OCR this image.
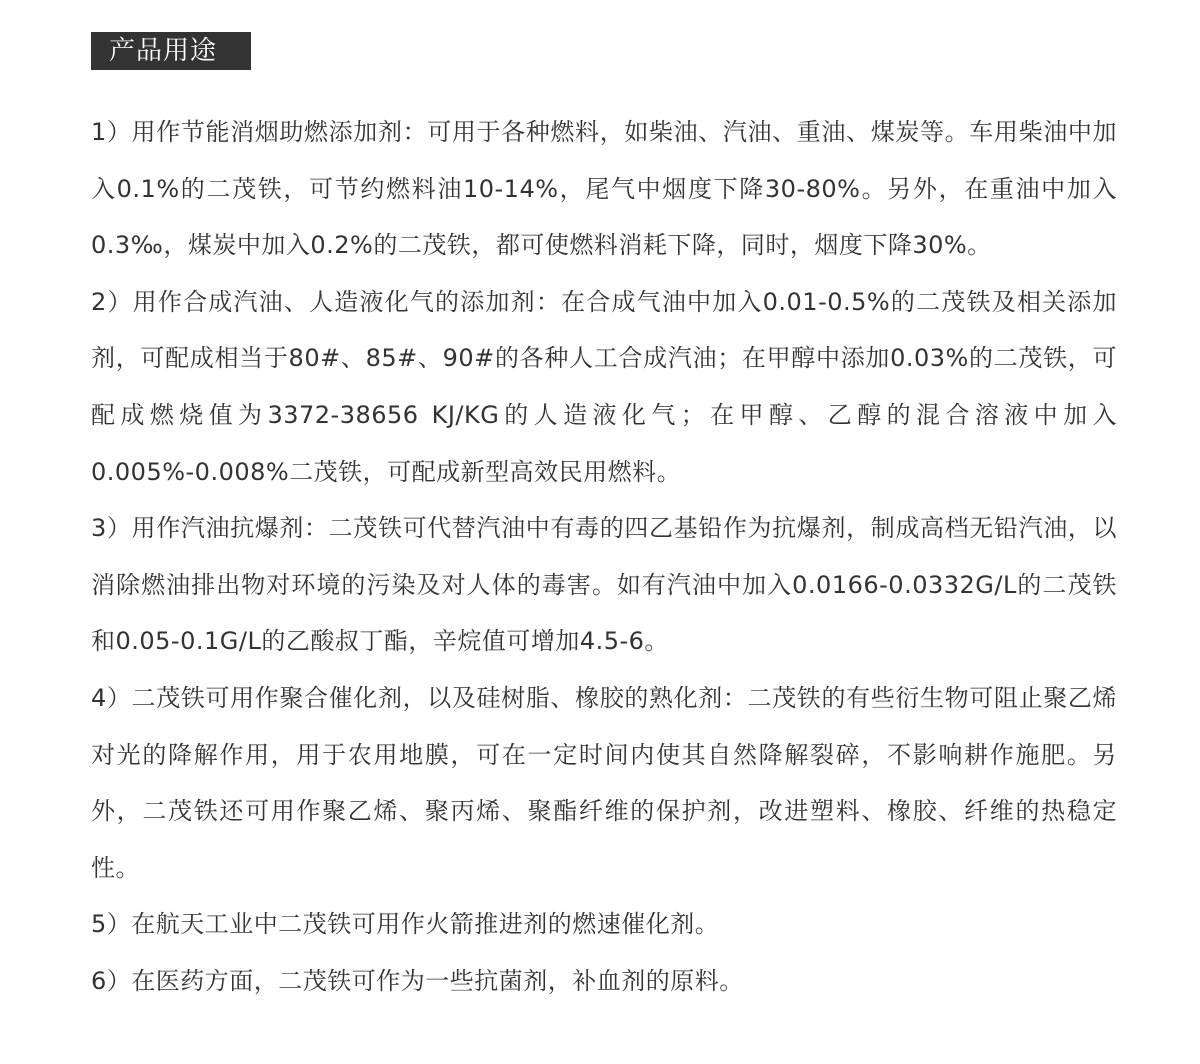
产品用途

1）用作节能消烟助燃添加剂：可用于各种燃料，如柴油、汽油、重油、煤炭等。车用柴油中加入0.1%的二茂铁，可节约燃料油10-14%，尾气中烟度下降30-80%。另外，在重油中加入0.3‰，煤炭中加入0.2%的二茂铁，都可使燃料消耗下降，同时，烟度下降30%。

2）用作合成汽油、人造液化气的添加剂：在合成气油中加入0.01-0.5%的二茂铁及相关添加剂，可配成相当于80#、85#、90#的各种人工合成汽油；在甲醇中添加0.03%的二茂铁，可配成燃烧值为3372-38656 KJ/KG的人造液化气；在甲醇、乙醇的混合溶液中加入0.005%-0.008%二茂铁，可配成新型高效民用燃料。

3）用作汽油抗爆剂：二茂铁可代替汽油中有毒的四乙基铅作为抗爆剂，制成高档无铅汽油，以消除燃油排出物对环境的污染及对人体的毒害。如有汽油中加入0.0166-0.0332G/L的二茂铁和0.05-0.1G/L的乙酸叔丁酯，辛烷值可增加4.5-6。

4）二茂铁可用作聚合催化剂，以及硅树脂、橡胶的熟化剂：二茂铁的有些衍生物可阻止聚乙烯对光的降解作用，用于农用地膜，可在一定时间内使其自然降解裂碎，不影响耕作施肥。另外，二茂铁还可用作聚乙烯、聚丙烯、聚酯纤维的保护剂，改进塑料、橡胶、纤维的热稳定性。

5）在航天工业中二茂铁可用作火箭推进剂的燃速催化剂。

6）在医药方面，二茂铁可作为一些抗菌剂，补血剂的原料。
